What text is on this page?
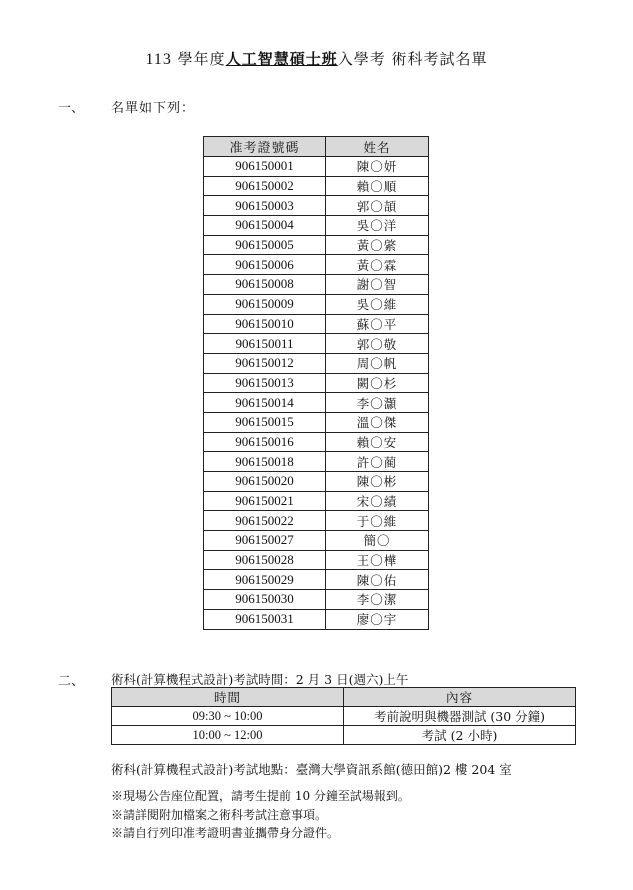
113 學年度人工智慧碩士班入學考 術科考試名單
一、 名單如下列：
准考證號碼	姓名
906150001	陳〇妍
906150002	賴〇順
906150003	郭〇頡
906150004	吳〇洋
906150005	黃〇綮
906150006	黃〇霖
906150008	謝〇智
906150009	吳〇維
906150010	蘇〇平
906150011	郭〇敬
906150012	周〇帆
906150013	闕〇杉
906150014	李〇灝
906150015	溫〇傑
906150016	賴〇安
906150018	許〇蔺
906150020	陳〇彬
906150021	宋〇績
906150022	于〇維
906150027	簡〇
906150028	王〇樺
906150029	陳〇佑
906150030	李〇潔
906150031	廖〇宇
二、 術科(計算機程式設計)考試時間：2 月 3 日(週六)上午
時間	內容
09:30 ~ 10:00	考前說明與機器測試 (30 分鐘)
10:00 ~ 12:00	考試 (2 小時)
術科(計算機程式設計)考試地點：臺灣大學資訊系館(德田館)2 樓 204 室
※現場公告座位配置，請考生提前 10 分鐘至試場報到。
※請詳閱附加檔案之術科考試注意事項。
※請自行列印准考證明書並攜帶身分證件。
